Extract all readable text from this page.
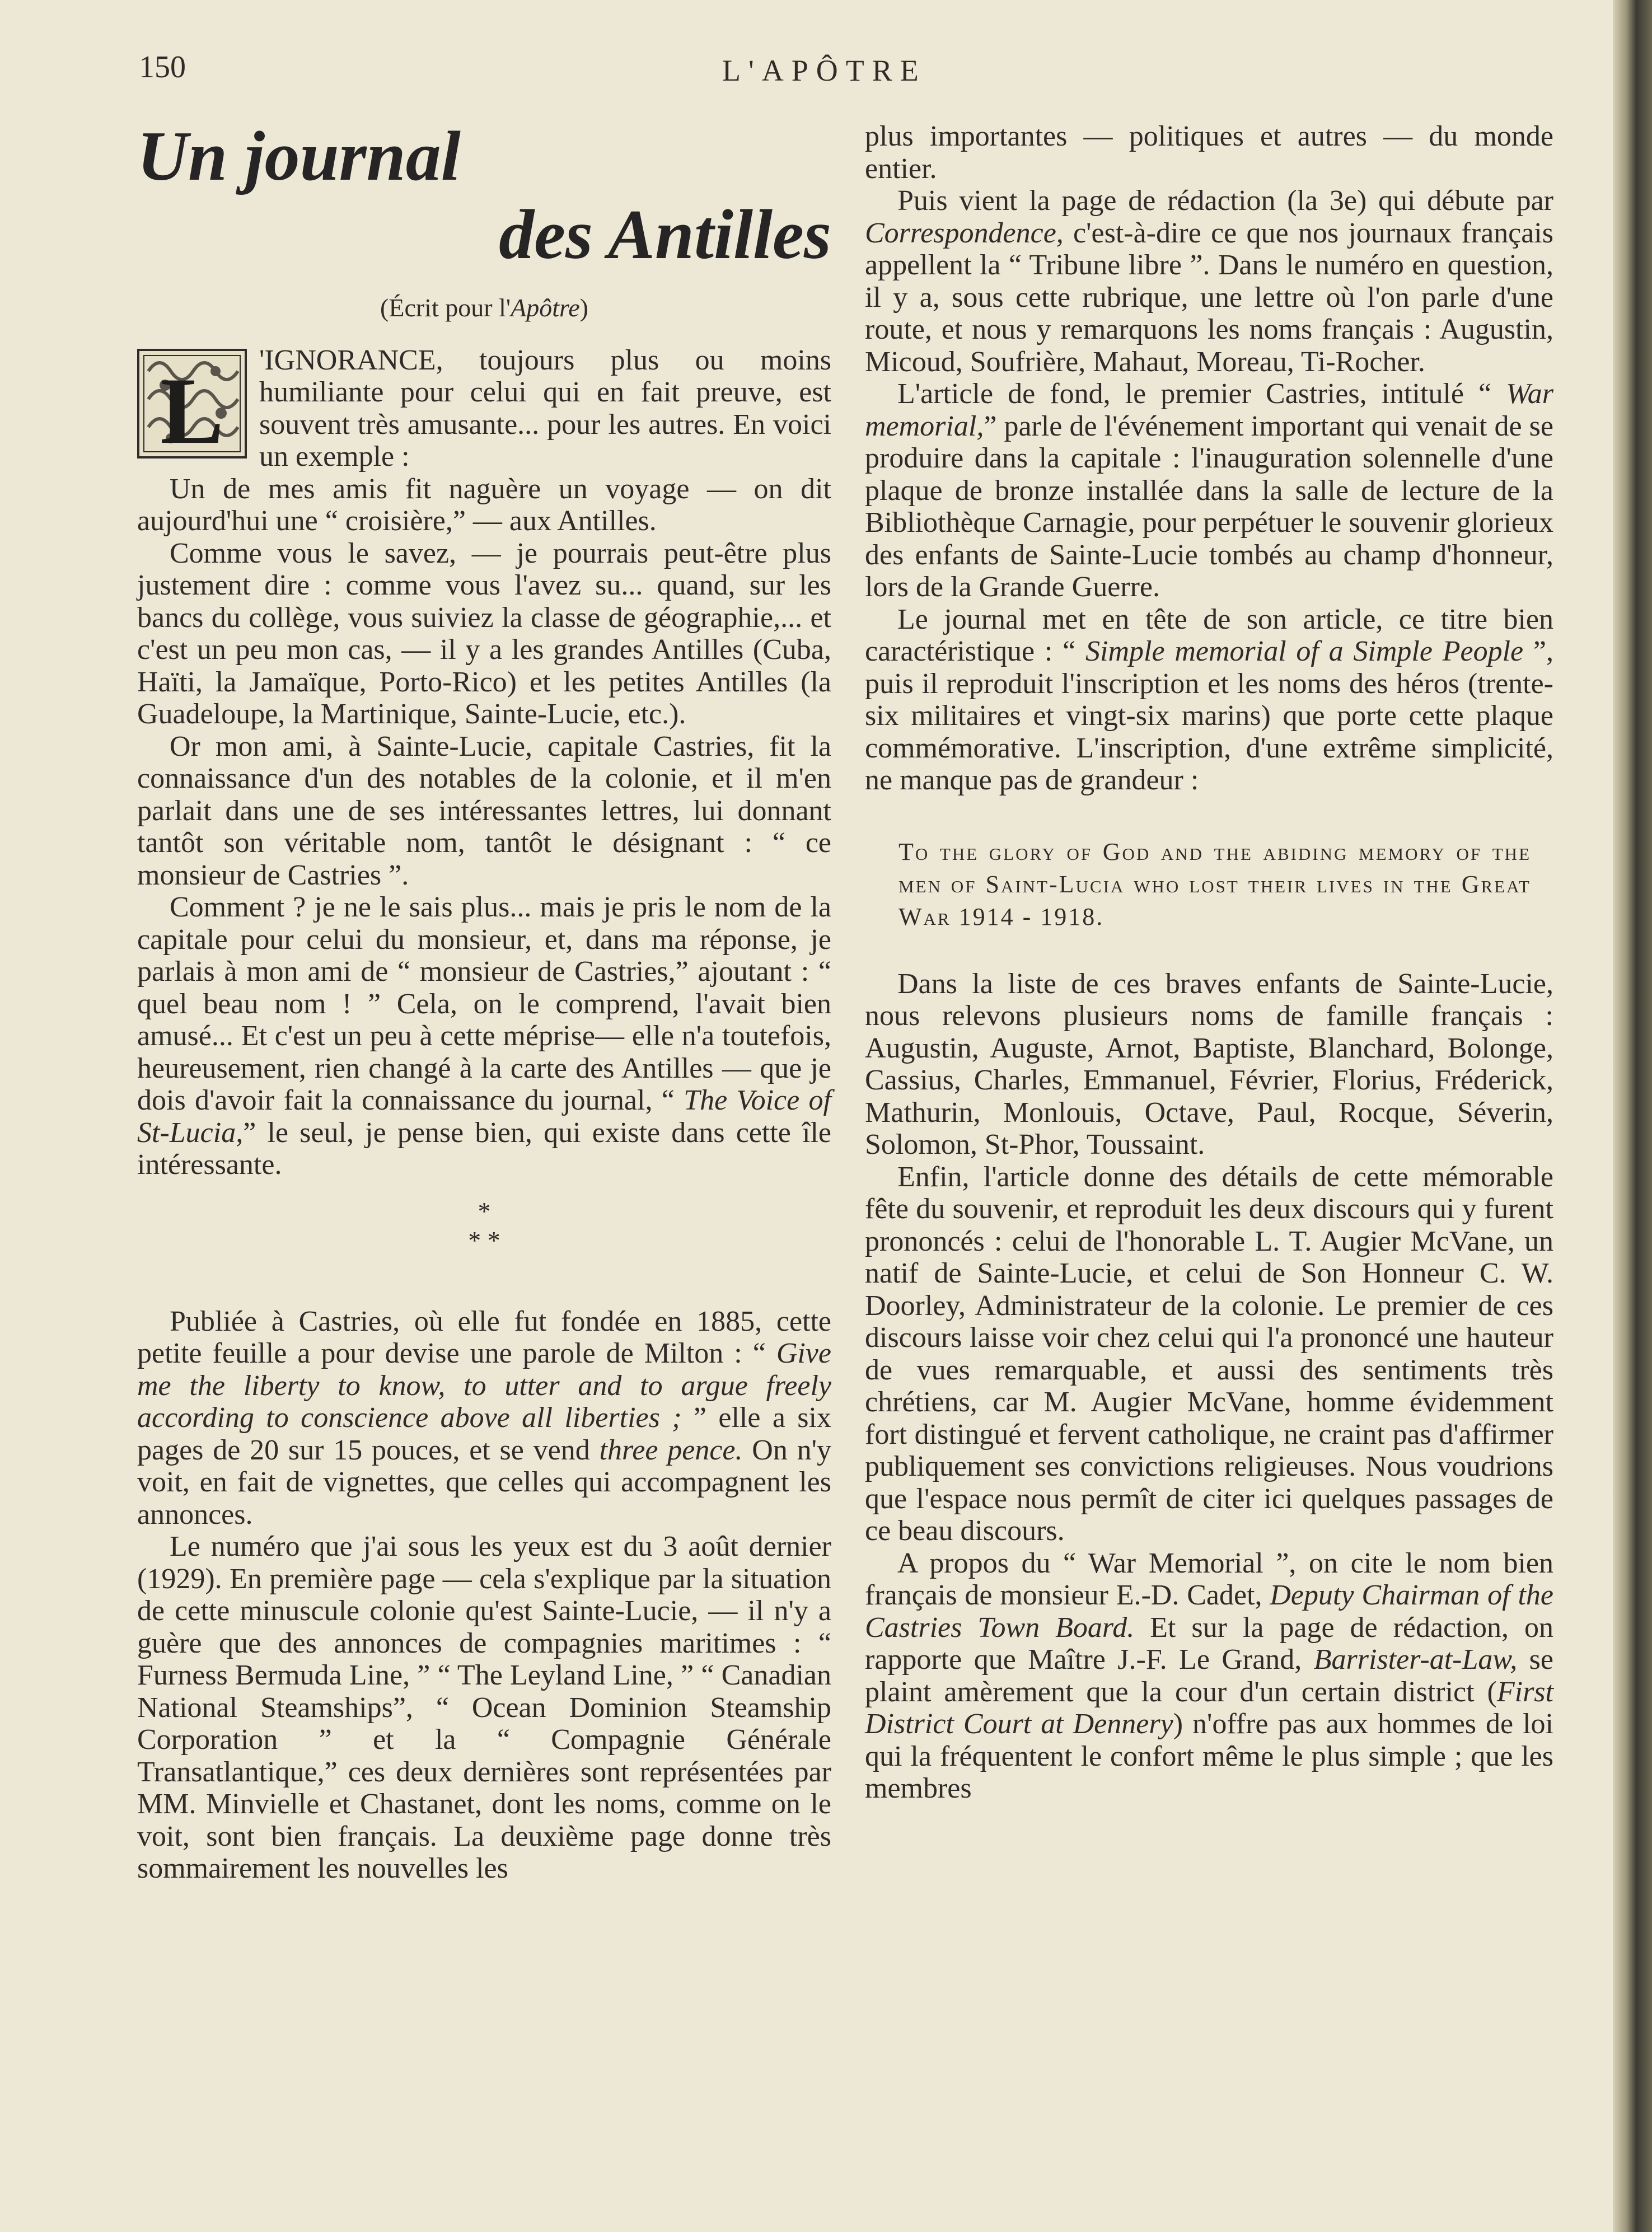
150	L'APÔTRE
Un journal
des Antilles
(Écrit pour l'Apôtre)

L 'IGNORANCE, toujours plus ou moins humiliante pour celui qui en fait preuve, est souvent très amusante... pour les autres. En voici un exemple :

Un de mes amis fit naguère un voyage — on dit aujourd'hui une “ croisière,” — aux Antilles.

Comme vous le savez, — je pourrais peut-être plus justement dire : comme vous l'avez su... quand, sur les bancs du collège, vous suiviez la classe de géographie,... et c'est un peu mon cas, — il y a les grandes Antilles (Cuba, Haïti, la Jamaïque, Porto-Rico) et les petites Antilles (la Guadeloupe, la Martinique, Sainte-Lucie, etc.).

Or mon ami, à Sainte-Lucie, capitale Castries, fit la connaissance d'un des notables de la colonie, et il m'en parlait dans une de ses intéressantes lettres, lui donnant tantôt son véritable nom, tantôt le désignant : “ ce monsieur de Castries ”.

Comment ? je ne le sais plus... mais je pris le nom de la capitale pour celui du monsieur, et, dans ma réponse, je parlais à mon ami de “ monsieur de Castries,” ajoutant : “ quel beau nom ! ” Cela, on le comprend, l'avait bien amusé... Et c'est un peu à cette méprise— elle n'a toutefois, heureusement, rien changé à la carte des Antilles — que je dois d'avoir fait la connaissance du journal, “ The Voice of St-Lucia,” le seul, je pense bien, qui existe dans cette île intéressante.

*
* *

Publiée à Castries, où elle fut fondée en 1885, cette petite feuille a pour devise une parole de Milton : “ Give me the liberty to know, to utter and to argue freely according to conscience above all liberties ; ” elle a six pages de 20 sur 15 pouces, et se vend three pence. On n'y voit, en fait de vignettes, que celles qui accompagnent les annonces.

Le numéro que j'ai sous les yeux est du 3 août dernier (1929). En première page — cela s'explique par la situation de cette minuscule colonie qu'est Sainte-Lucie, — il n'y a guère que des annonces de compagnies maritimes : “ Furness Bermuda Line, ” “ The Leyland Line, ” “ Canadian National Steamships”, “ Ocean Dominion Steamship Corporation ” et la “ Compagnie Générale Transatlantique,” ces deux dernières sont représentées par MM. Minvielle et Chastanet, dont les noms, comme on le voit, sont bien français. La deuxième page donne très sommairement les nouvelles les

plus importantes — politiques et autres — du monde entier.

Puis vient la page de rédaction (la 3e) qui débute par Correspondence, c'est-à-dire ce que nos journaux français appellent la “ Tribune libre ”. Dans le numéro en question, il y a, sous cette rubrique, une lettre où l'on parle d'une route, et nous y remarquons les noms français : Augustin, Micoud, Soufrière, Mahaut, Moreau, Ti-Rocher.

L'article de fond, le premier Castries, intitulé “ War memorial,” parle de l'événement important qui venait de se produire dans la capitale : l'inauguration solennelle d'une plaque de bronze installée dans la salle de lecture de la Bibliothèque Carnagie, pour perpétuer le souvenir glorieux des enfants de Sainte-Lucie tombés au champ d'honneur, lors de la Grande Guerre.

Le journal met en tête de son article, ce titre bien caractéristique : “ Simple memorial of a Simple People ”, puis il reproduit l'inscription et les noms des héros (trente-six militaires et vingt-six marins) que porte cette plaque commémorative. L'inscription, d'une extrême simplicité, ne manque pas de grandeur :

To the glory of God and the abiding memory of the men of Saint-Lucia who lost their lives in the Great War 1914 - 1918.

Dans la liste de ces braves enfants de Sainte-Lucie, nous relevons plusieurs noms de famille français : Augustin, Auguste, Arnot, Baptiste, Blanchard, Bolonge, Cassius, Charles, Emmanuel, Février, Florius, Fréderick, Mathurin, Monlouis, Octave, Paul, Rocque, Séverin, Solomon, St-Phor, Toussaint.

Enfin, l'article donne des détails de cette mémorable fête du souvenir, et reproduit les deux discours qui y furent prononcés : celui de l'honorable L. T. Augier McVane, un natif de Sainte-Lucie, et celui de Son Honneur C. W. Doorley, Administrateur de la colonie. Le premier de ces discours laisse voir chez celui qui l'a prononcé une hauteur de vues remarquable, et aussi des sentiments très chrétiens, car M. Augier McVane, homme évidemment fort distingué et fervent catholique, ne craint pas d'affirmer publiquement ses convictions religieuses. Nous voudrions que l'espace nous permît de citer ici quelques passages de ce beau discours.

A propos du “ War Memorial ”, on cite le nom bien français de monsieur E.-D. Cadet, Deputy Chairman of the Castries Town Board. Et sur la page de rédaction, on rapporte que Maître J.-F. Le Grand, Barrister-at-Law, se plaint amèrement que la cour d'un certain district (First District Court at Dennery) n'offre pas aux hommes de loi qui la fréquentent le confort même le plus simple ; que les membres
